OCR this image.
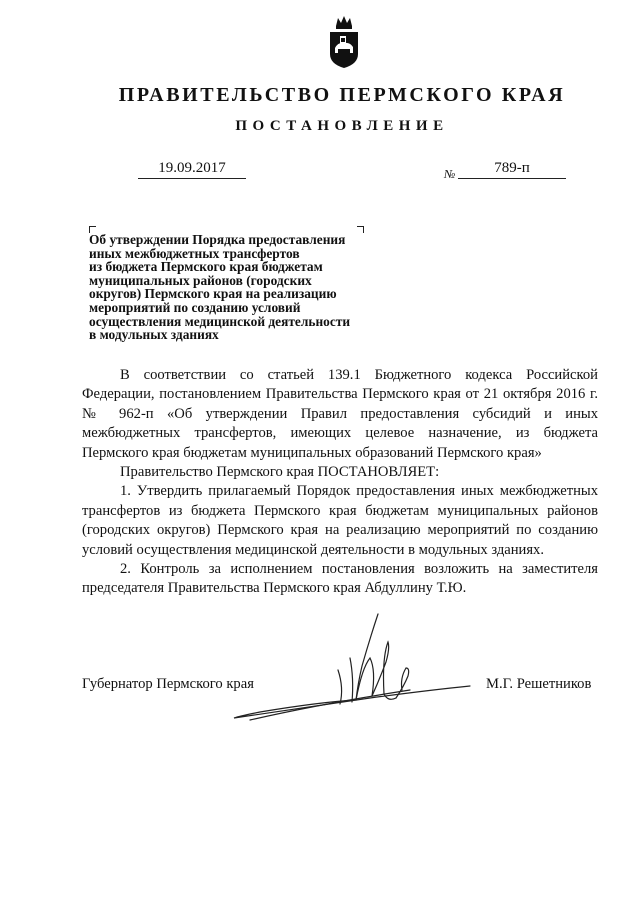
ПРАВИТЕЛЬСТВО ПЕРМСКОГО КРАЯ
ПОСТАНОВЛЕНИЕ
19.09.2017	№	789-п
Об утверждении Порядка предоставления
иных межбюджетных трансфертов
из бюджета Пермского края бюджетам
муниципальных районов (городских
округов) Пермского края на реализацию
мероприятий по созданию условий
осуществления медицинской деятельности
в модульных зданиях

В соответствии со статьей 139.1 Бюджетного кодекса Российской Федерации, постановлением Правительства Пермского края от 21 октября 2016 г. № 962-п «Об утверждении Правил предоставления субсидий и иных межбюджетных трансфертов, имеющих целевое назначение, из бюджета Пермского края бюджетам муниципальных образований Пермского края»

Правительство Пермского края ПОСТАНОВЛЯЕТ:

1. Утвердить прилагаемый Порядок предоставления иных межбюджетных трансфертов из бюджета Пермского края бюджетам муниципальных районов (городских округов) Пермского края на реализацию мероприятий по созданию условий осуществления медицинской деятельности в модульных зданиях.

2. Контроль за исполнением постановления возложить на заместителя председателя Правительства Пермского края Абдуллину Т.Ю.

Губернатор Пермского края	М.Г. Решетников
